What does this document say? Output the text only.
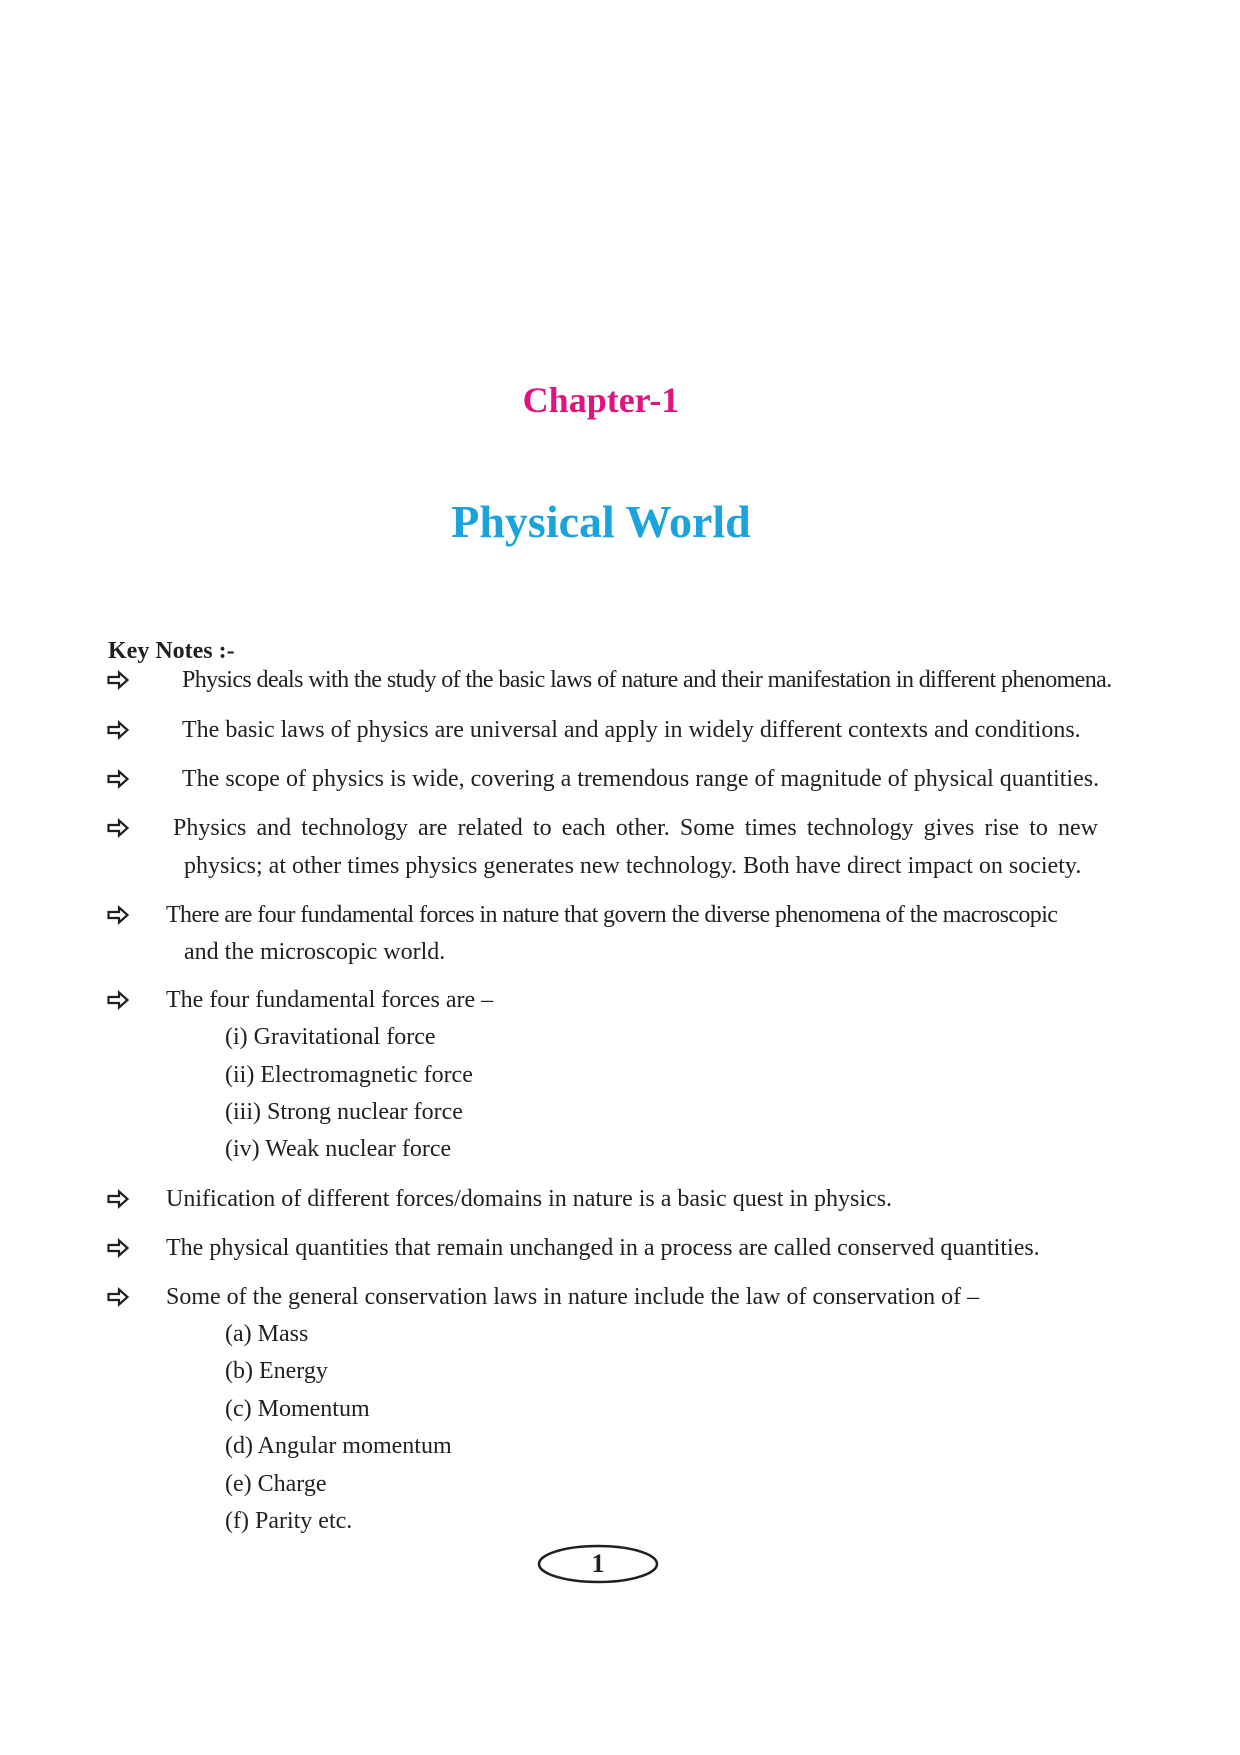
Chapter-1
Physical World
Key Notes :-
Physics deals with the study of the basic laws of nature and their manifestation in different phenomena.
The basic laws of physics are universal and apply in widely different contexts and conditions.
The scope of physics is wide, covering a tremendous range of magnitude of physical quantities.
Physics and technology are related to each other. Some times technology gives rise to new
physics; at other times physics generates new technology. Both have direct impact on society.
There are four fundamental forces in nature that govern the diverse phenomena of the macroscopic
and the microscopic world.
The four fundamental forces are –
(i) Gravitational force
(ii) Electromagnetic force
(iii) Strong nuclear force
(iv) Weak nuclear force
Unification of different forces/domains in nature is a basic quest in physics.
The physical quantities that remain unchanged in a process are called conserved quantities.
Some of the general conservation laws in nature include the law of conservation of –
(a) Mass
(b) Energy
(c) Momentum
(d) Angular momentum
(e) Charge
(f) Parity etc.
1
